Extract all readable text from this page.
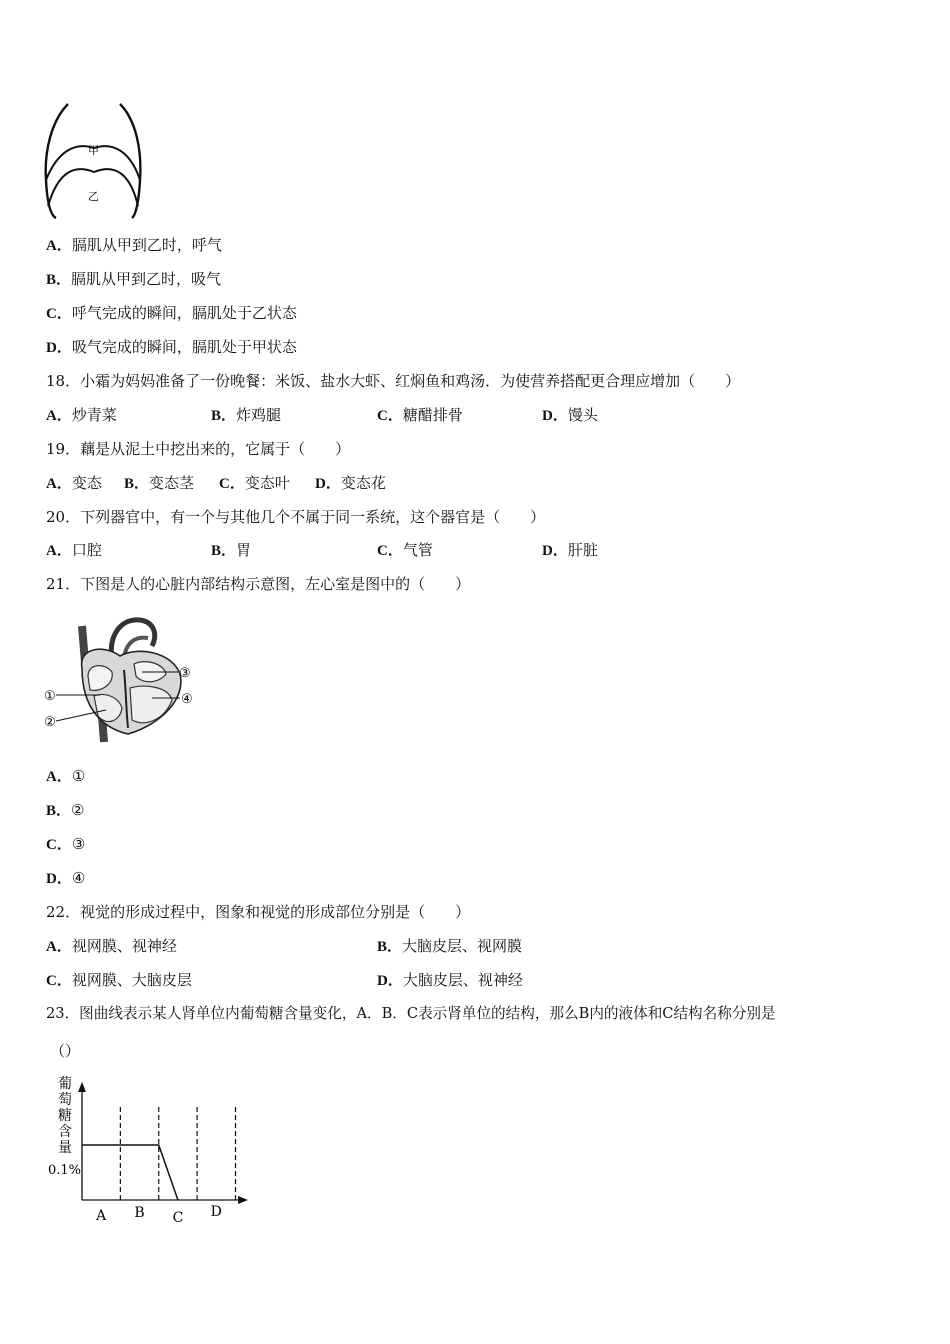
甲
乙
A．膈肌从甲到乙时，呼气
B．膈肌从甲到乙时，吸气
C．呼气完成的瞬间，膈肌处于乙状态
D．吸气完成的瞬间，膈肌处于甲状态
18．小霜为妈妈准备了一份晚餐：米饭、盐水大虾、红焖鱼和鸡汤．为使营养搭配更合理应增加（　　）
A．炒青菜	B．炸鸡腿	C．糖醋排骨	D．馒头
19．藕是从泥土中挖出来的，它属于（　　）
A．变态 B．变态茎 C．变态叶 D．变态花
20．下列器官中，有一个与其他几个不属于同一系统，这个器官是（　　）
A．口腔	B．胃	C．气管	D．肝脏
21．下图是人的心脏内部结构示意图，左心室是图中的（　　）
①
②
③
④
A．①
B．②
C．③
D．④
22．视觉的形成过程中，图象和视觉的形成部位分别是（　　）
A．视网膜、视神经	B．大脑皮层、视网膜
C．视网膜、大脑皮层	D．大脑皮层、视神经
23．图曲线表示某人肾单位内葡萄糖含量变化，A．B．C表示肾单位的结构，那么B内的液体和C结构名称分别是
（）
葡
萄
糖
含
量
0.1%
A B C D
